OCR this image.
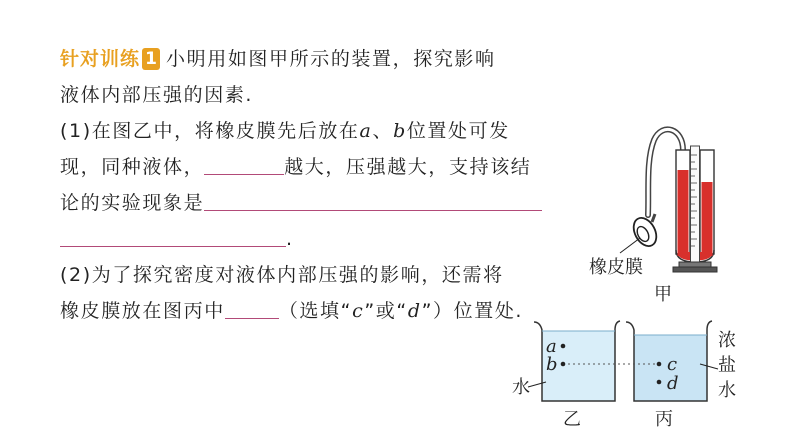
针对训练 1 小明用如图甲所示的装置，探究影响
液体内部压强的因素.
(1)在图乙中，将橡皮膜先后放在a、b位置处可发
现，同种液体，	越大，压强越大，支持该结
论的实验现象是
.
(2)为了探究密度对液体内部压强的影响，还需将
橡皮膜放在图丙中	（选填“c”或“d”）位置处.
橡皮膜
甲
a
b
水
乙
c
d
浓
盐
水
丙
